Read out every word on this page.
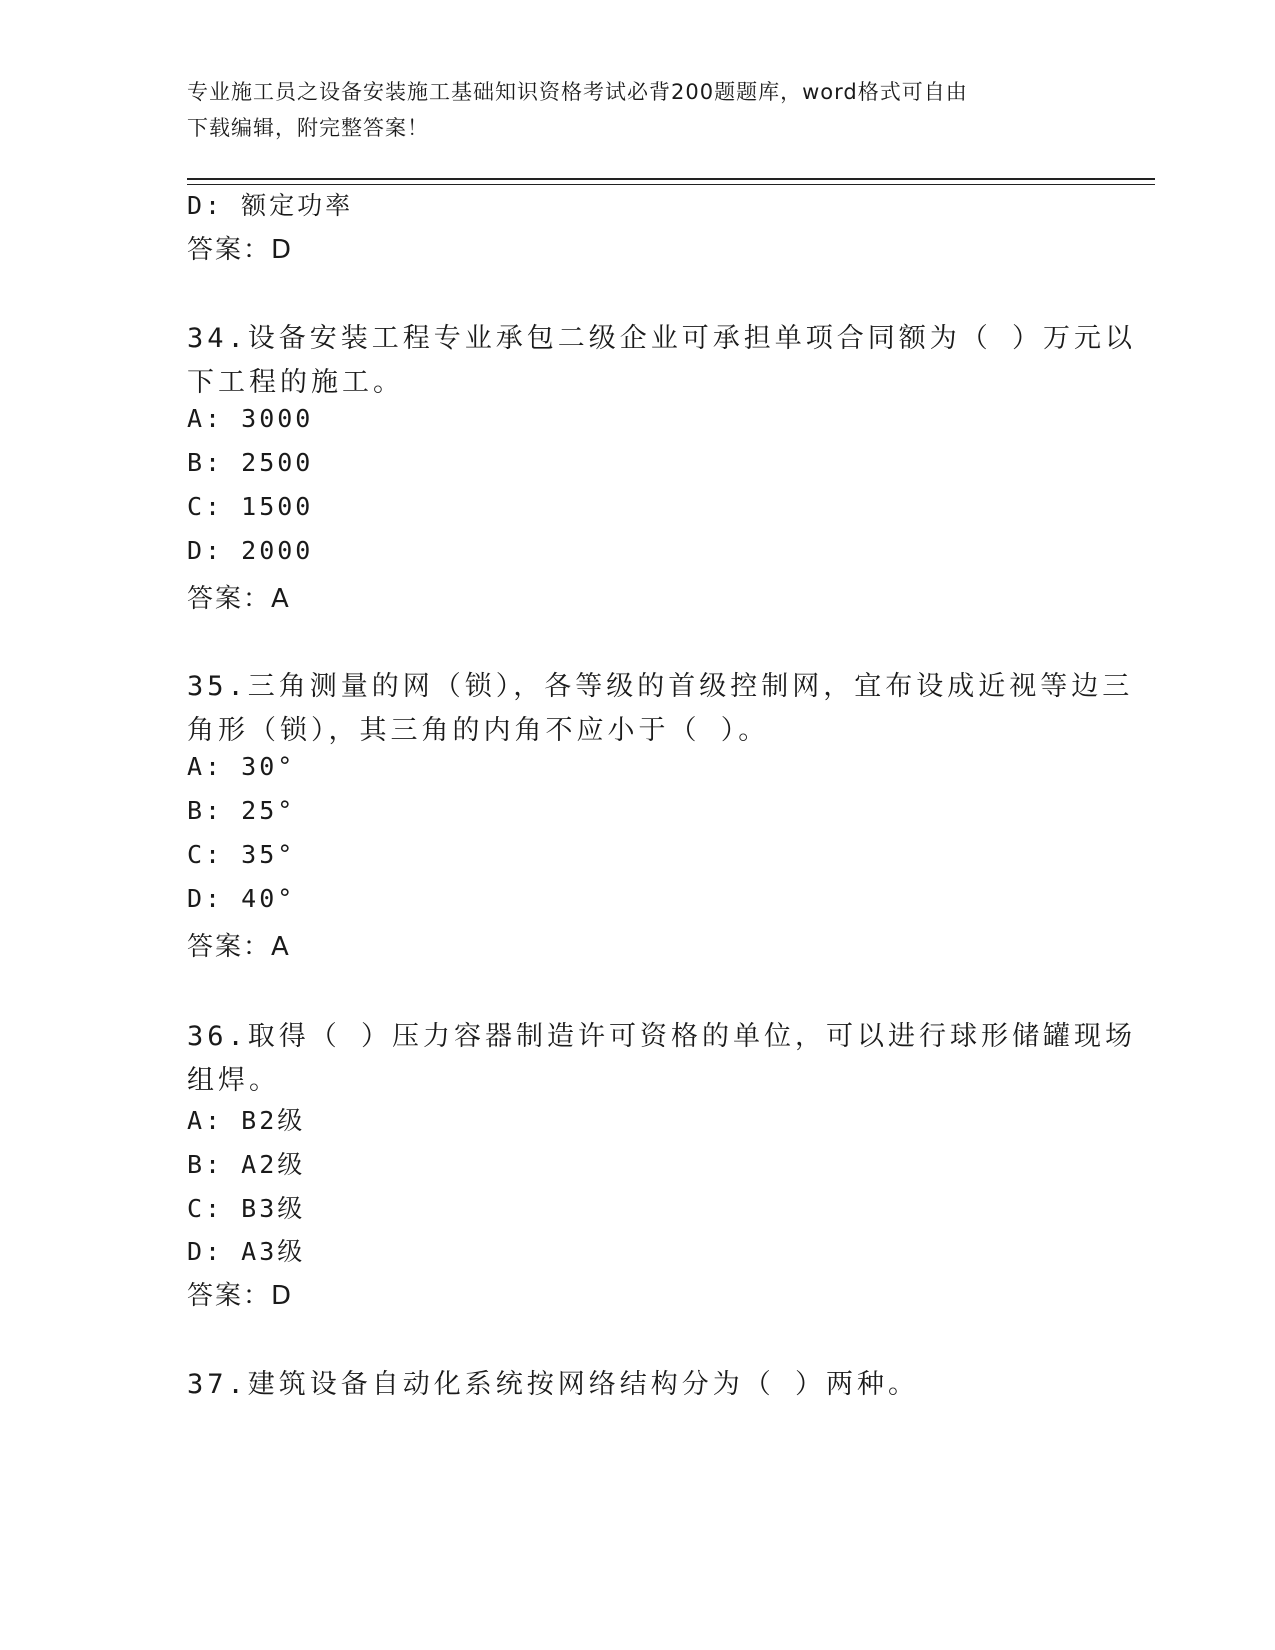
专业施工员之设备安装施工基础知识资格考试必背200题题库，word格式可自由
下载编辑，附完整答案！
D: 额定功率
答案：D
34.设备安装工程专业承包二级企业可承担单项合同额为（ ）万元以
下工程的施工。
A: 3000
B: 2500
C: 1500
D: 2000
答案：A
35.三角测量的网（锁），各等级的首级控制网，宜布设成近视等边三
角形（锁），其三角的内角不应小于（ ）。
A: 30°
B: 25°
C: 35°
D: 40°
答案：A
36.取得（ ）压力容器制造许可资格的单位，可以进行球形储罐现场
组焊。
A: B2级
B: A2级
C: B3级
D: A3级
答案：D
37.建筑设备自动化系统按网络结构分为（ ）两种。
